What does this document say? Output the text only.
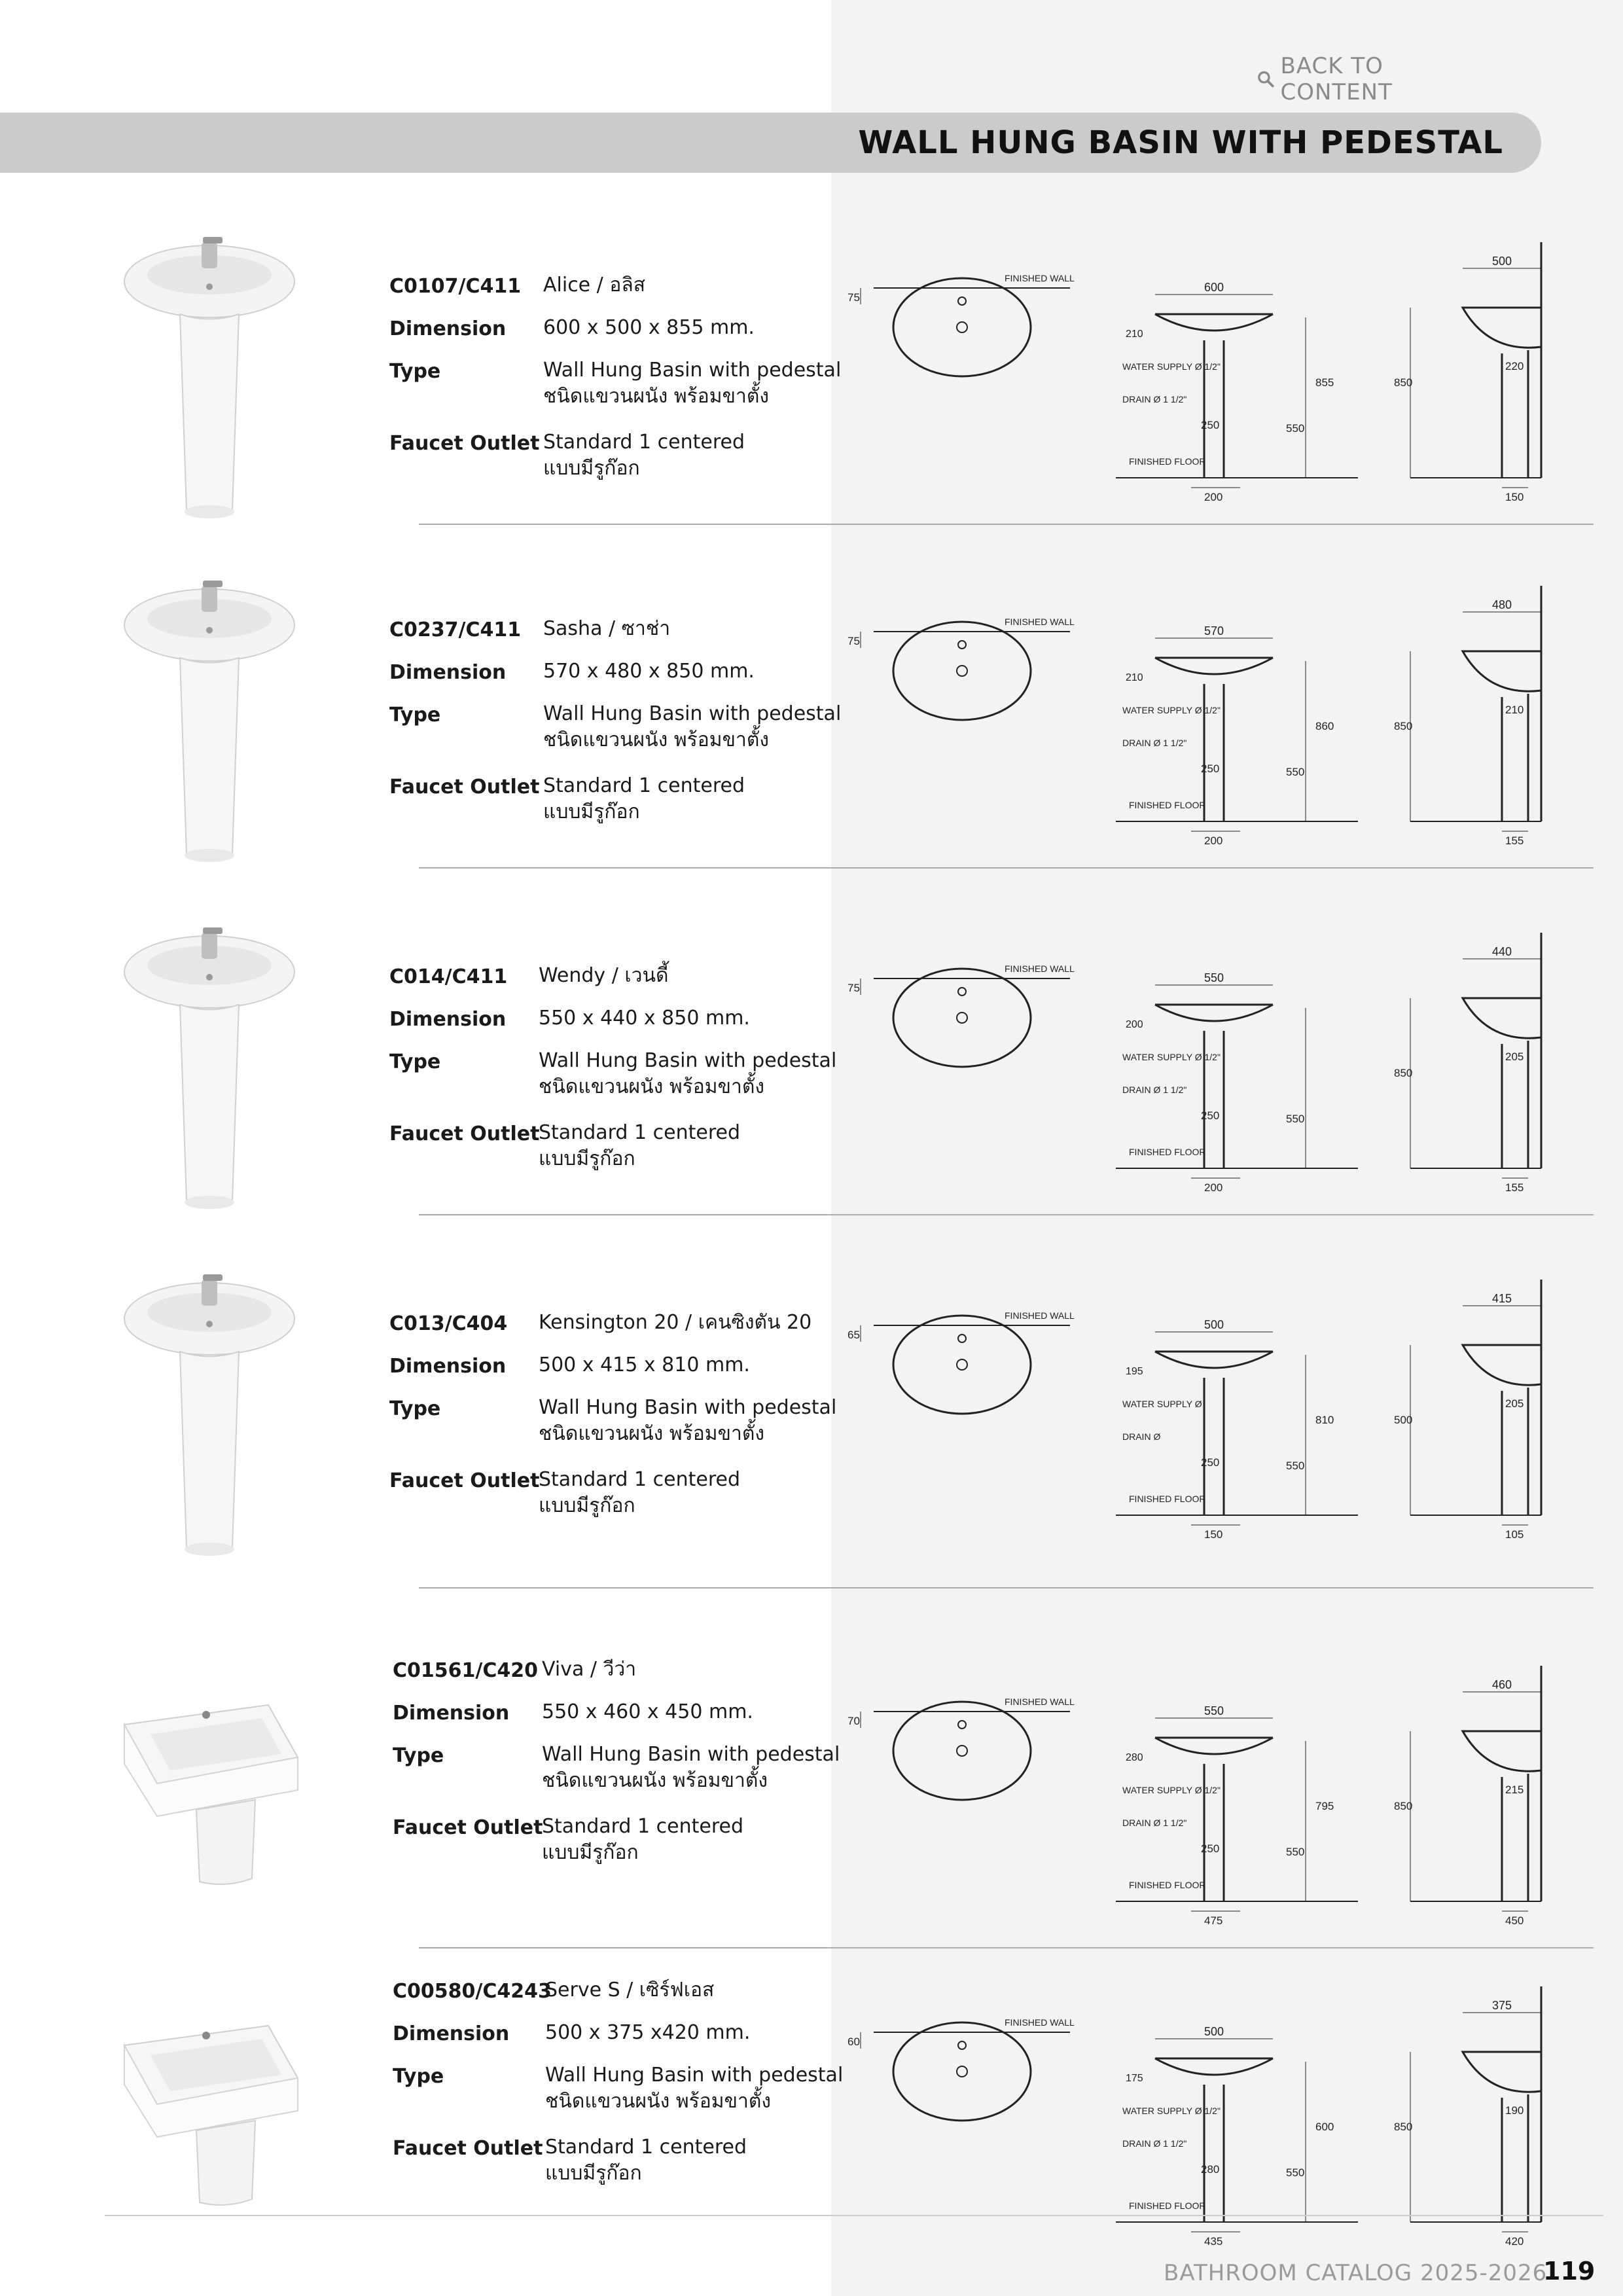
BACK TO CONTENT
WALL HUNG BASIN WITH PEDESTAL
C0107/C411 Alice / อลิส
Dimension 600 x 500 x 855 mm.
Type	Wall Hung Basin with pedestal
ชนิดแขวนผนัง พร้อมขาตั้ง
Faucet Outlet Standard 1 centered
แบบมีรูก๊อก
FINISHED WALL
75
600
210
WATER SUPPLY Ø 1/2"
DRAIN Ø 1 1/2"
250	550
855
FINISHED FLOOR
200
500
850
220
150
C0237/C411 Sasha / ซาช่า
Dimension 570 x 480 x 850 mm.
Type	Wall Hung Basin with pedestal
ชนิดแขวนผนัง พร้อมขาตั้ง
Faucet Outlet Standard 1 centered
แบบมีรูก๊อก
FINISHED WALL
75
570
210
WATER SUPPLY Ø 1/2"
DRAIN Ø 1 1/2"
250	550
860
FINISHED FLOOR
200
480
850
210
155
C014/C411 Wendy / เวนดี้
Dimension 550 x 440 x 850 mm.
Type	Wall Hung Basin with pedestal
ชนิดแขวนผนัง พร้อมขาตั้ง
Faucet Outlet
Standard 1 centered
แบบมีรูก๊อก
FINISHED WALL
75
550
200
WATER SUPPLY Ø 1/2"
DRAIN Ø 1 1/2"
250	550
FINISHED FLOOR
200
440
850
205
155
C013/C404 Kensington 20 / เคนซิงตัน 20
Dimension 500 x 415 x 810 mm.
Type	Wall Hung Basin with pedestal
ชนิดแขวนผนัง พร้อมขาตั้ง
Faucet Outlet
Standard 1 centered
แบบมีรูก๊อก
FINISHED WALL
65
500
195
WATER SUPPLY Ø
DRAIN Ø
250	550
810
FINISHED FLOOR
150
415
500
205
105
C01561/C420 Viva / วีว่า
Dimension 550 x 460 x 450 mm.
Type	Wall Hung Basin with pedestal
ชนิดแขวนผนัง พร้อมขาตั้ง
Faucet Outlet
Standard 1 centered
แบบมีรูก๊อก
FINISHED WALL
70
550
280
WATER SUPPLY Ø 1/2"
DRAIN Ø 1 1/2"
250	550
795
FINISHED FLOOR
475
460
850
215
450
C00580/C4243
Serve S / เซิร์ฟเอส
Dimension 500 x 375 x420 mm.
Type	Wall Hung Basin with pedestal
ชนิดแขวนผนัง พร้อมขาตั้ง
Faucet Outlet Standard 1 centered
แบบมีรูก๊อก
FINISHED WALL
60
500
175
WATER SUPPLY Ø 1/2"
DRAIN Ø 1 1/2"
280	550
600
FINISHED FLOOR
435
375
850
190
420
BATHROOM CATALOG 2025-2026
119
